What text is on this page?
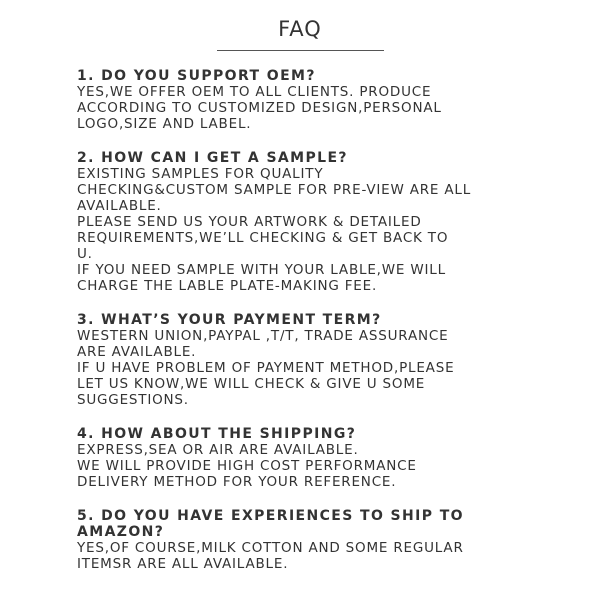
FAQ

1. DO YOU SUPPORT OEM?

YES,WE OFFER OEM TO ALL CLIENTS. PRODUCE
ACCORDING TO CUSTOMIZED DESIGN,PERSONAL
LOGO,SIZE AND LABEL.

2. HOW CAN I GET A SAMPLE?

EXISTING SAMPLES FOR QUALITY
CHECKING&CUSTOM SAMPLE FOR PRE-VIEW ARE ALL
AVAILABLE.
PLEASE SEND US YOUR ARTWORK & DETAILED
REQUIREMENTS,WE’LL CHECKING & GET BACK TO
U.
IF YOU NEED SAMPLE WITH YOUR LABLE,WE WILL
CHARGE THE LABLE PLATE-MAKING FEE.

3. WHAT’S YOUR PAYMENT TERM?

WESTERN UNION,PAYPAL ,T/T, TRADE ASSURANCE
ARE AVAILABLE.
IF U HAVE PROBLEM OF PAYMENT METHOD,PLEASE
LET US KNOW,WE WILL CHECK & GIVE U SOME
SUGGESTIONS.

4. HOW ABOUT THE SHIPPING?

EXPRESS,SEA OR AIR ARE AVAILABLE.
WE WILL PROVIDE HIGH COST PERFORMANCE
DELIVERY METHOD FOR YOUR REFERENCE.

5. DO YOU HAVE EXPERIENCES TO SHIP TO
AMAZON?

YES,OF COURSE,MILK COTTON AND SOME REGULAR
ITEMSR ARE ALL AVAILABLE.
